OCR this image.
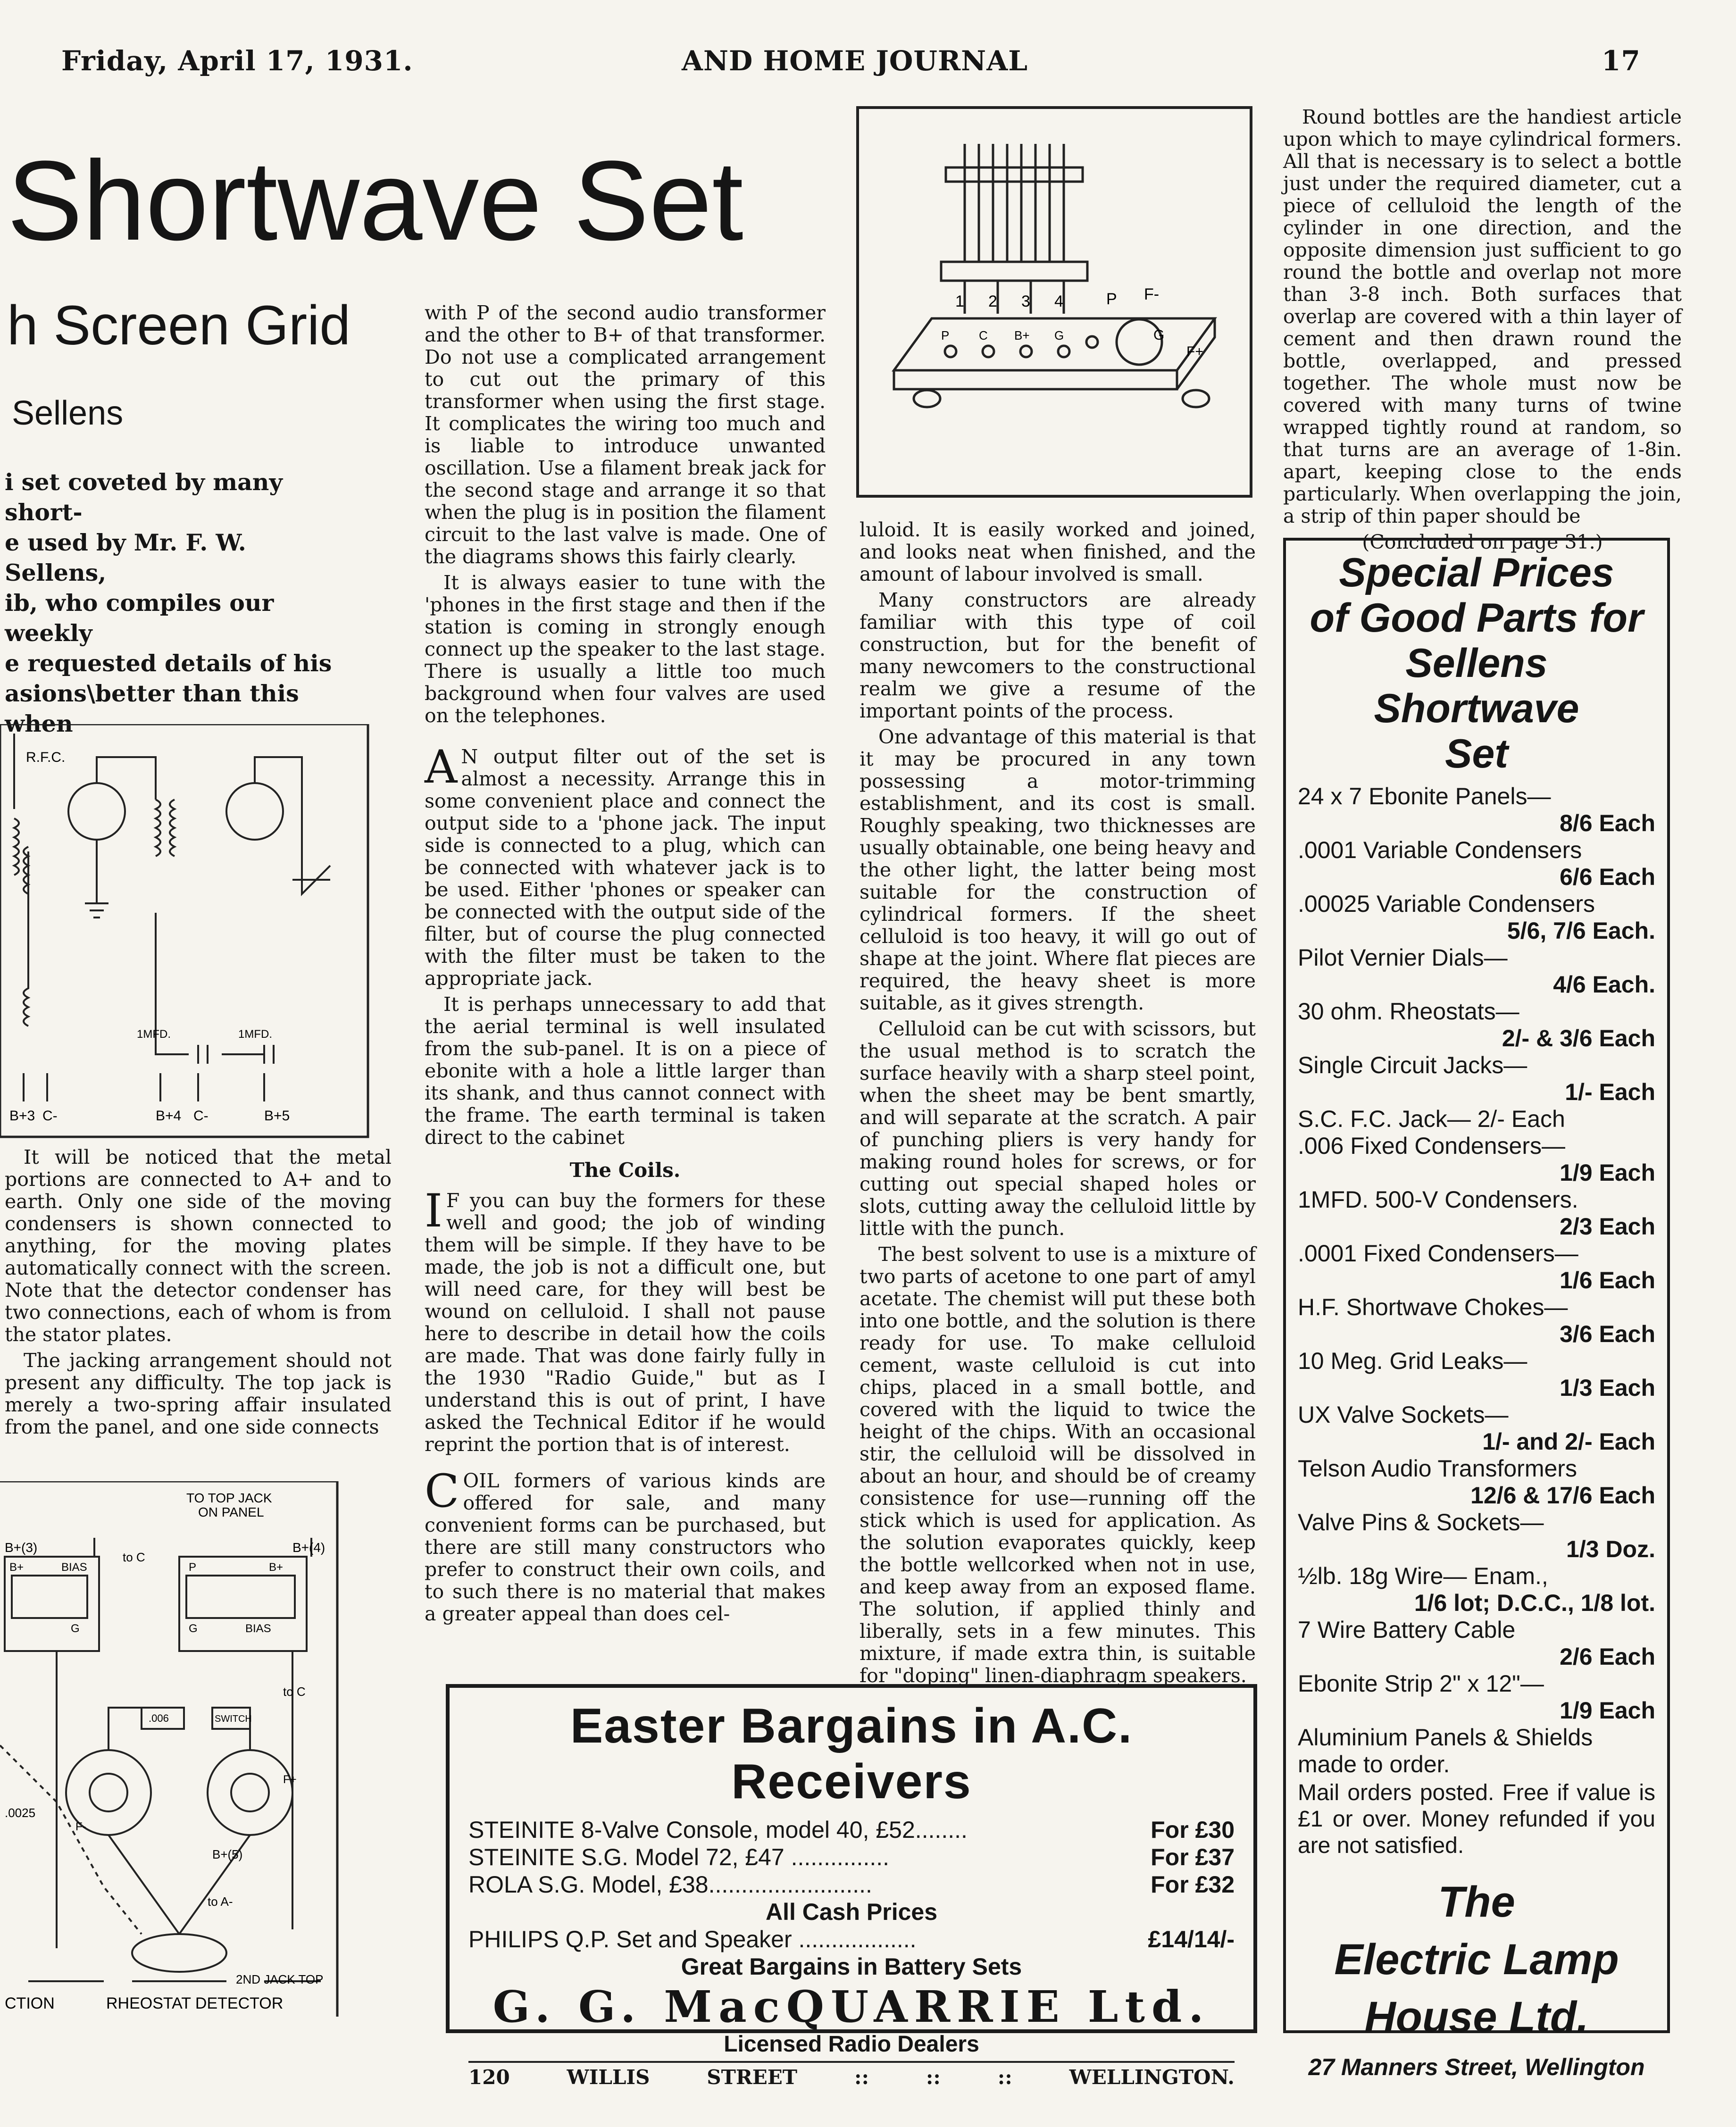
Friday, April 17, 1931.	AND HOME JOURNAL	17
Shortwave Set
h Screen Grid
Sellens
i set coveted by many short-
e used by Mr. F. W. Sellens,
ib, who compiles our weekly
e requested details of his
asions\better than this when
R.F.C.
1MFD.	1MFD.
B+3 C-	B+4 C-	B+5

It will be noticed that the metal portions are connected to A+ and to earth. Only one side of the moving condensers is shown connected to anything, for the moving plates automatically connect with the screen. Note that the detector condenser has two connections, each of whom is from the stator plates.

The jacking arrangement should not present any difficulty. The top jack is merely a two-spring affair insulated from the panel, and one side connects

TO TOP JACK
ON PANEL
B+(3)
B+	BIAS
to C
B+(4)
P	B+
G	G	BIAS
to C
.006	SWITCH
F-
F+
B+(5)
to A-
2ND JACK TOP
CTION	RHEOSTAT DETECTOR
.0025

with P of the second audio transformer and the other to B+ of that transformer. Do not use a complicated arrangement to cut out the primary of this transformer when using the first stage. It complicates the wiring too much and is liable to introduce unwanted oscillation. Use a filament break jack for the second stage and arrange it so that when the plug is in position the filament circuit to the last valve is made. One of the diagrams shows this fairly clearly.

It is always easier to tune with the 'phones in the first stage and then if the station is coming in strongly enough connect up the speaker to the last stage. There is usually a little too much background when four valves are used on the telephones.

A N output filter out of the set is almost a necessity. Arrange this in some convenient place and connect the output side to a 'phone jack. The input side is connected to a plug, which can be connected with whatever jack is to be used. Either 'phones or speaker can be connected with the output side of the filter, but of course the plug connected with the filter must be taken to the appropriate jack.

It is perhaps unnecessary to add that the aerial terminal is well insulated from the sub-panel. It is on a piece of ebonite with a hole a little larger than its shank, and thus cannot connect with the frame. The earth terminal is taken direct to the cabinet

The Coils.

I F you can buy the formers for these well and good; the job of winding them will be simple. If they have to be made, the job is not a difficult one, but will need care, for they will best be wound on celluloid. I shall not pause here to describe in detail how the coils are made. That was done fairly fully in the 1930 "Radio Guide," but as I understand this is out of print, I have asked the Technical Editor if he would reprint the portion that is of interest.

COIL formers of various kinds are offered for sale, and many convenient forms can be purchased, but there are still many constructors who prefer to construct their own coils, and to such there is no material that makes a greater appeal than does cel-

1 2 3 4	P F-
F+
G
P C B+ G

luloid. It is easily worked and joined, and looks neat when finished, and the amount of labour involved is small.

Many constructors are already familiar with this type of coil construction, but for the benefit of many newcomers to the constructional realm we give a resume of the important points of the process.

One advantage of this material is that it may be procured in any town possessing a motor-trimming establishment, and its cost is small. Roughly speaking, two thicknesses are usually obtainable, one being heavy and the other light, the latter being most suitable for the construction of cylindrical formers. If the sheet celluloid is too heavy, it will go out of shape at the joint. Where flat pieces are required, the heavy sheet is more suitable, as it gives strength.

Celluloid can be cut with scissors, but the usual method is to scratch the surface heavily with a sharp steel point, when the sheet may be bent smartly, and will separate at the scratch. A pair of punching pliers is very handy for making round holes for screws, or for cutting out special shaped holes or slots, cutting away the celluloid little by little with the punch.

The best solvent to use is a mixture of two parts of acetone to one part of amyl acetate. The chemist will put these both into one bottle, and the solution is there ready for use. To make celluloid cement, waste celluloid is cut into chips, placed in a small bottle, and covered with the liquid to twice the height of the chips. With an occasional stir, the celluloid will be dissolved in about an hour, and should be of creamy consistence for use—running off the stick which is used for application. As the solution evaporates quickly, keep the bottle wellcorked when not in use, and keep away from an exposed flame. The solution, if applied thinly and liberally, sets in a few minutes. This mixture, if made extra thin, is suitable for "doping" linen-diaphragm speakers.

Round bottles are the handiest article upon which to maye cylindrical formers. All that is necessary is to select a bottle just under the required diameter, cut a piece of celluloid the length of the cylinder in one direction, and the opposite dimension just sufficient to go round the bottle and overlap not more than 3-8 inch. Both surfaces that overlap are covered with a thin layer of cement and then drawn round the bottle, overlapped, and pressed together. The whole must now be covered with many turns of twine wrapped tightly round at random, so that turns are an average of 1-8in. apart, keeping close to the ends particularly. When overlapping the join, a strip of thin paper should be

(Concluded on page 31.)
Special Prices
of Good Parts for
Sellens Shortwave
Set
24 x 7 Ebonite Panels—
8/6 Each
.0001 Variable Condensers
6/6 Each
.00025 Variable Condensers
5/6, 7/6 Each.
Pilot Vernier Dials—
4/6 Each.
30 ohm. Rheostats—
2/- & 3/6 Each
Single Circuit Jacks—
1/- Each
S.C. F.C. Jack— 2/- Each
.006 Fixed Condensers—
1/9 Each
1MFD. 500-V Condensers.
2/3 Each
.0001 Fixed Condensers—
1/6 Each
H.F. Shortwave Chokes—
3/6 Each
10 Meg. Grid Leaks—
1/3 Each
UX Valve Sockets—
1/- and 2/- Each
Telson Audio Transformers
12/6 & 17/6 Each
Valve Pins & Sockets—
1/3 Doz.
½lb. 18g Wire— Enam.,
1/6 lot; D.C.C., 1/8 lot.
7 Wire Battery Cable
2/6 Each
Ebonite Strip 2" x 12"—
1/9 Each
Aluminium Panels & Shields made to order.
Mail orders posted. Free if value is £1 or over. Money refunded if you are not satisfied.
The
Electric Lamp
House Ltd.
27 Manners Street, Wellington
Easter Bargains in A.C. Receivers
STEINITE 8-Valve Console, model 40, £52........	For £30
STEINITE S.G. Model 72, £47 ...............	For £37
ROLA S.G. Model, £38.........................	For £32
All Cash Prices
PHILIPS Q.P. Set and Speaker ..................	£14/14/-
Great Bargains in Battery Sets
G. G. MacQUARRIE Ltd.
Licensed Radio Dealers
120	WILLIS	STREET	::	::	::	WELLINGTON.
